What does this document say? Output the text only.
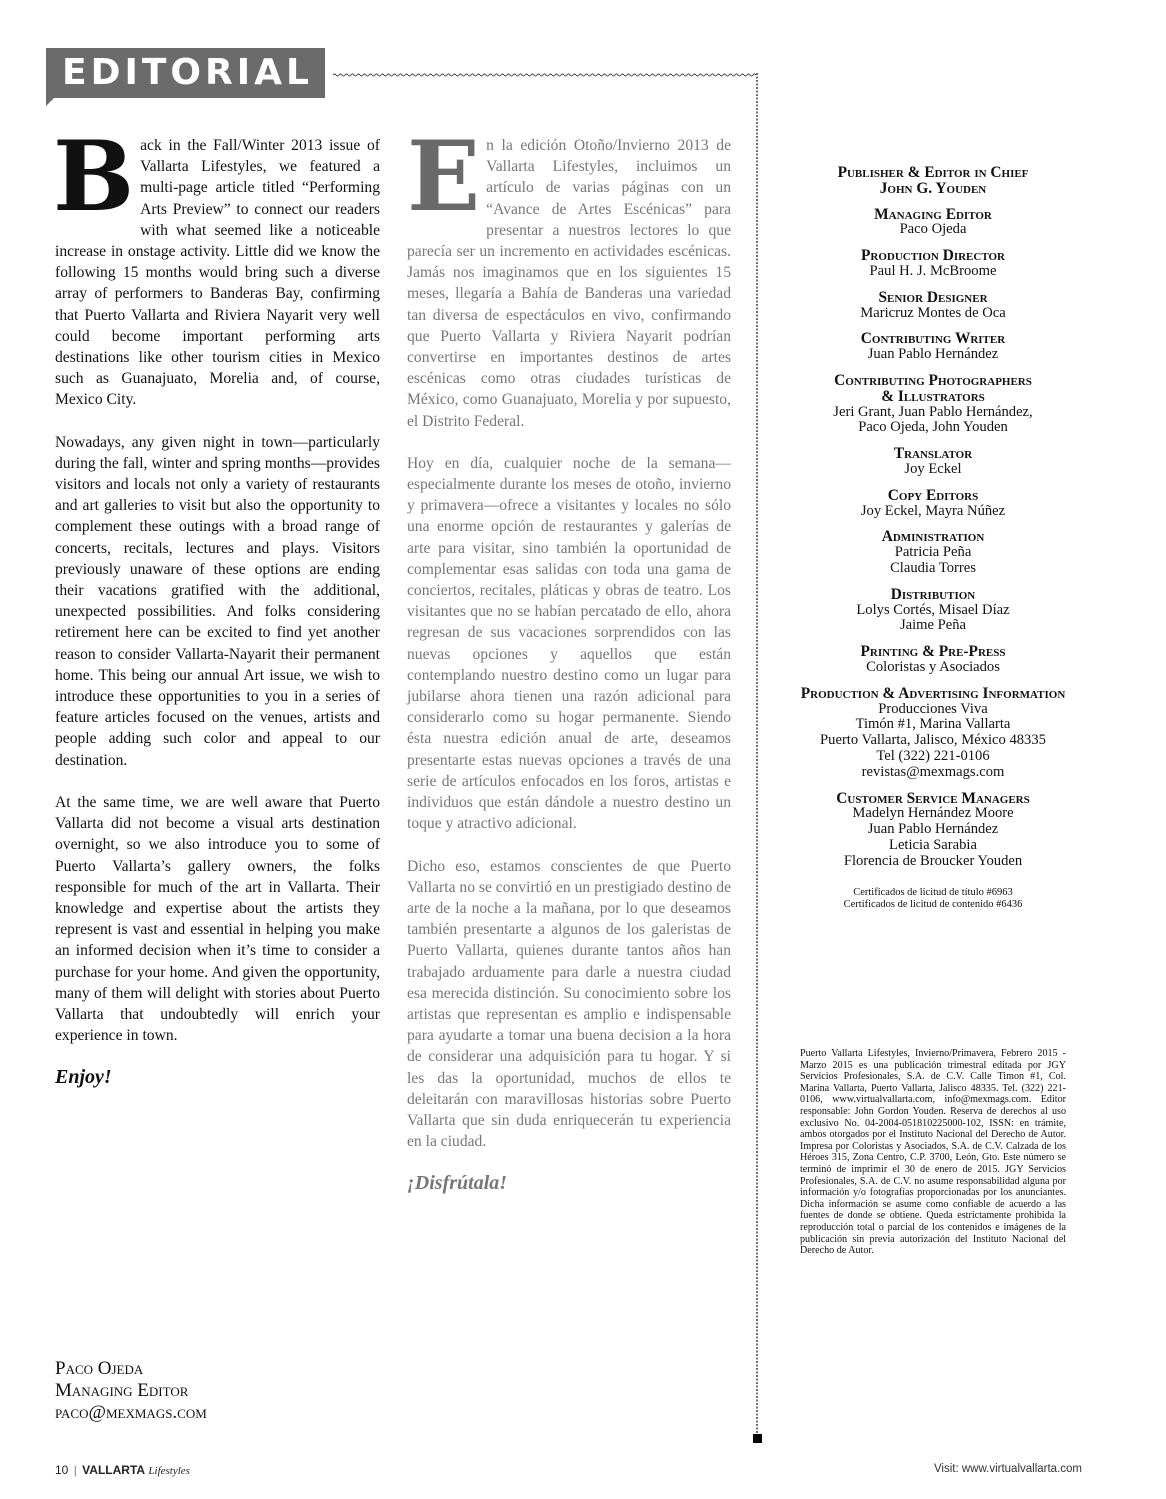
EDITORIAL

Back in the Fall/Winter 2013 issue of Vallarta Lifestyles, we featured a multi-page article titled “Performing Arts Preview” to connect our readers with what seemed like a noticeable increase in onstage activity. Little did we know the following 15 months would bring such a diverse array of performers to Banderas Bay, confirming that Puerto Vallarta and Riviera Nayarit very well could become important performing arts destinations like other tourism cities in Mexico such as Guanajuato, Morelia and, of course, Mexico City.

Nowadays, any given night in town—particularly during the fall, winter and spring months—provides visitors and locals not only a variety of restaurants and art galleries to visit but also the opportunity to complement these outings with a broad range of concerts, recitals, lectures and plays. Visitors previously unaware of these options are ending their vacations gratified with the additional, unexpected possibilities. And folks considering retirement here can be excited to find yet another reason to consider Vallarta-Nayarit their permanent home. This being our annual Art issue, we wish to introduce these opportunities to you in a series of feature articles focused on the venues, artists and people adding such color and appeal to our destination.

At the same time, we are well aware that Puerto Vallarta did not become a visual arts destination overnight, so we also introduce you to some of Puerto Vallarta’s gallery owners, the folks responsible for much of the art in Vallarta. Their knowledge and expertise about the artists they represent is vast and essential in helping you make an informed decision when it’s time to consider a purchase for your home. And given the opportunity, many of them will delight with stories about Puerto Vallarta that undoubtedly will enrich your experience in town.

Enjoy!

En la edición Otoño/Invierno 2013 de Vallarta Lifestyles, incluimos un artículo de varias páginas con un “Avance de Artes Escénicas” para presentar a nuestros lectores lo que parecía ser un incremento en actividades escénicas. Jamás nos imaginamos que en los siguientes 15 meses, llegaría a Bahía de Banderas una variedad tan diversa de espectáculos en vivo, confirmando que Puerto Vallarta y Riviera Nayarit podrían convertirse en importantes destinos de artes escénicas como otras ciudades turísticas de México, como Guanajuato, Morelia y por supuesto, el Distrito Federal.

Hoy en día, cualquier noche de la semana—especialmente durante los meses de otoño, invierno y primavera—ofrece a visitantes y locales no sólo una enorme opción de restaurantes y galerías de arte para visitar, sino también la oportunidad de complementar esas salidas con toda una gama de conciertos, recitales, pláticas y obras de teatro. Los visitantes que no se habían percatado de ello, ahora regresan de sus vacaciones sorprendidos con las nuevas opciones y aquellos que están contemplando nuestro destino como un lugar para jubilarse ahora tienen una razón adicional para considerarlo como su hogar permanente. Siendo ésta nuestra edición anual de arte, deseamos presentarte estas nuevas opciones a través de una serie de artículos enfocados en los foros, artistas e individuos que están dándole a nuestro destino un toque y atractivo adicional.

Dicho eso, estamos conscientes de que Puerto Vallarta no se convirtió en un prestigiado destino de arte de la noche a la mañana, por lo que deseamos también presentarte a algunos de los galeristas de Puerto Vallarta, quienes durante tantos años han trabajado arduamente para darle a nuestra ciudad esa merecida distinción. Su conocimiento sobre los artistas que representan es amplio e indispensable para ayudarte a tomar una buena decision a la hora de considerar una adquisición para tu hogar. Y si les das la oportunidad, muchos de ellos te deleitarán con maravillosas historias sobre Puerto Vallarta que sin duda enriquecerán tu experiencia en la ciudad.

¡Disfrútala!

Paco Ojeda
Managing Editor
paco@mexmags.com
Publisher & Editor in Chief
John G. Youden
Managing Editor
Paco Ojeda
Production Director
Paul H. J. McBroome
Senior Designer
Maricruz Montes de Oca
Contributing Writer
Juan Pablo Hernández
Contributing Photographers
& Illustrators
Jeri Grant, Juan Pablo Hernández,
Paco Ojeda, John Youden
Translator
Joy Eckel
Copy Editors
Joy Eckel, Mayra Núñez
Administration
Patricia Peña
Claudia Torres
Distribution
Lolys Cortés, Misael Díaz
Jaime Peña
Printing & Pre-Press
Coloristas y Asociados
Production & Advertising Information
Producciones Viva
Timón #1, Marina Vallarta
Puerto Vallarta, Jalisco, México 48335
Tel (322) 221-0106
revistas@mexmags.com
Customer Service Managers
Madelyn Hernández Moore
Juan Pablo Hernández
Leticia Sarabia
Florencia de Broucker Youden
Certificados de licitud de título #6963
Certificados de licitud de contenido #6436
Puerto Vallarta Lifestyles, Invierno/Primavera, Febrero 2015 - Marzo 2015 es una publicación trimestral editada por JGY Servicios Profesionales, S.A. de C.V. Calle Timon #1, Col. Marina Vallarta, Puerto Vallarta, Jalisco 48335. Tel. (322) 221-0106, www.virtualvallarta.com, info@mexmags.com. Editor responsable: John Gordon Youden. Reserva de derechos al uso exclusivo No. 04-2004-051810225000-102, ISSN: en trámite, ambos otorgados por el Instituto Nacional del Derecho de Autor. Impresa por Coloristas y Asociados, S.A. de C.V. Calzada de los Héroes 315, Zona Centro, C.P. 3700, León, Gto. Este número se terminó de imprimir el 30 de enero de 2015. JGY Servicios Profesionales, S.A. de C.V. no asume responsabilidad alguna por información y/o fotografías proporcionadas por los anunciantes. Dicha información se asume como confiable de acuerdo a las fuentes de donde se obtiene. Queda estrictamente prohibida la reproducción total o parcial de los contenidos e imágenes de la publicación sin previa autorización del Instituto Nacional del Derecho de Autor.
10 | VALLARTA Lifestyles	Visit: www.virtualvallarta.com
